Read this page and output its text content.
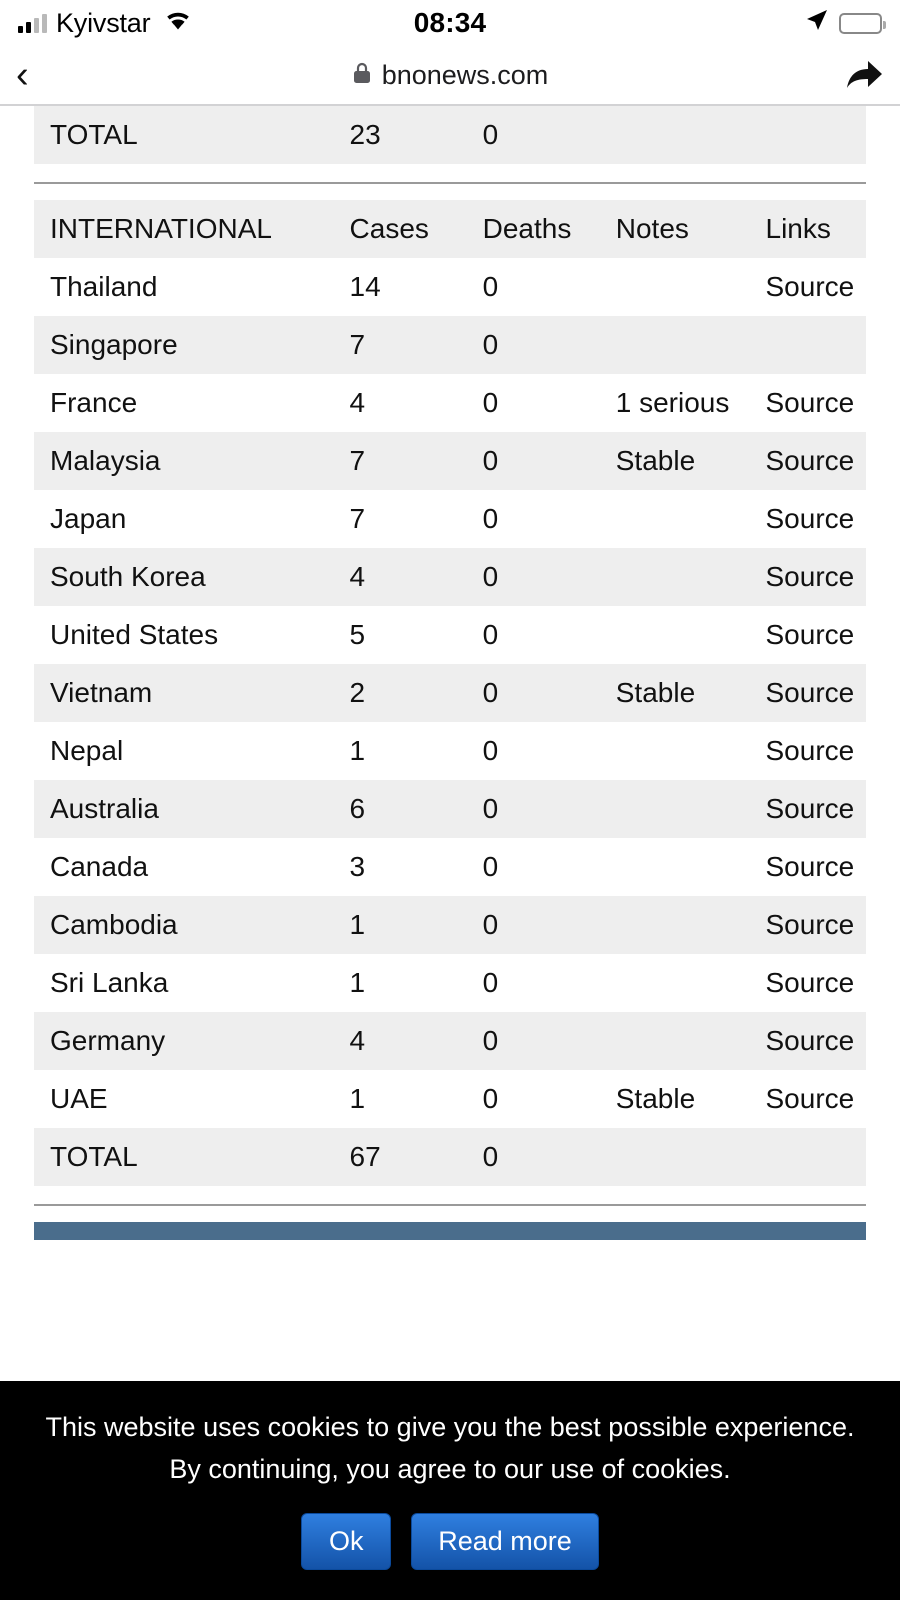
Kyivstar	08:34
‹	bnonews.com
TOTAL	23	0		
INTERNATIONAL	Cases	Deaths	Notes	Links
Thailand	14	0		Source
Singapore	7	0		
France	4	0	1 serious	Source
Malaysia	7	0	Stable	Source
Japan	7	0		Source
South Korea	4	0		Source
United States	5	0		Source
Vietnam	2	0	Stable	Source
Nepal	1	0		Source
Australia	6	0		Source
Canada	3	0		Source
Cambodia	1	0		Source
Sri Lanka	1	0		Source
Germany	4	0		Source
UAE	1	0	Stable	Source
TOTAL	67	0		
This website uses cookies to give you the best possible experience.
By continuing, you agree to our use of cookies.
Ok	Read more
